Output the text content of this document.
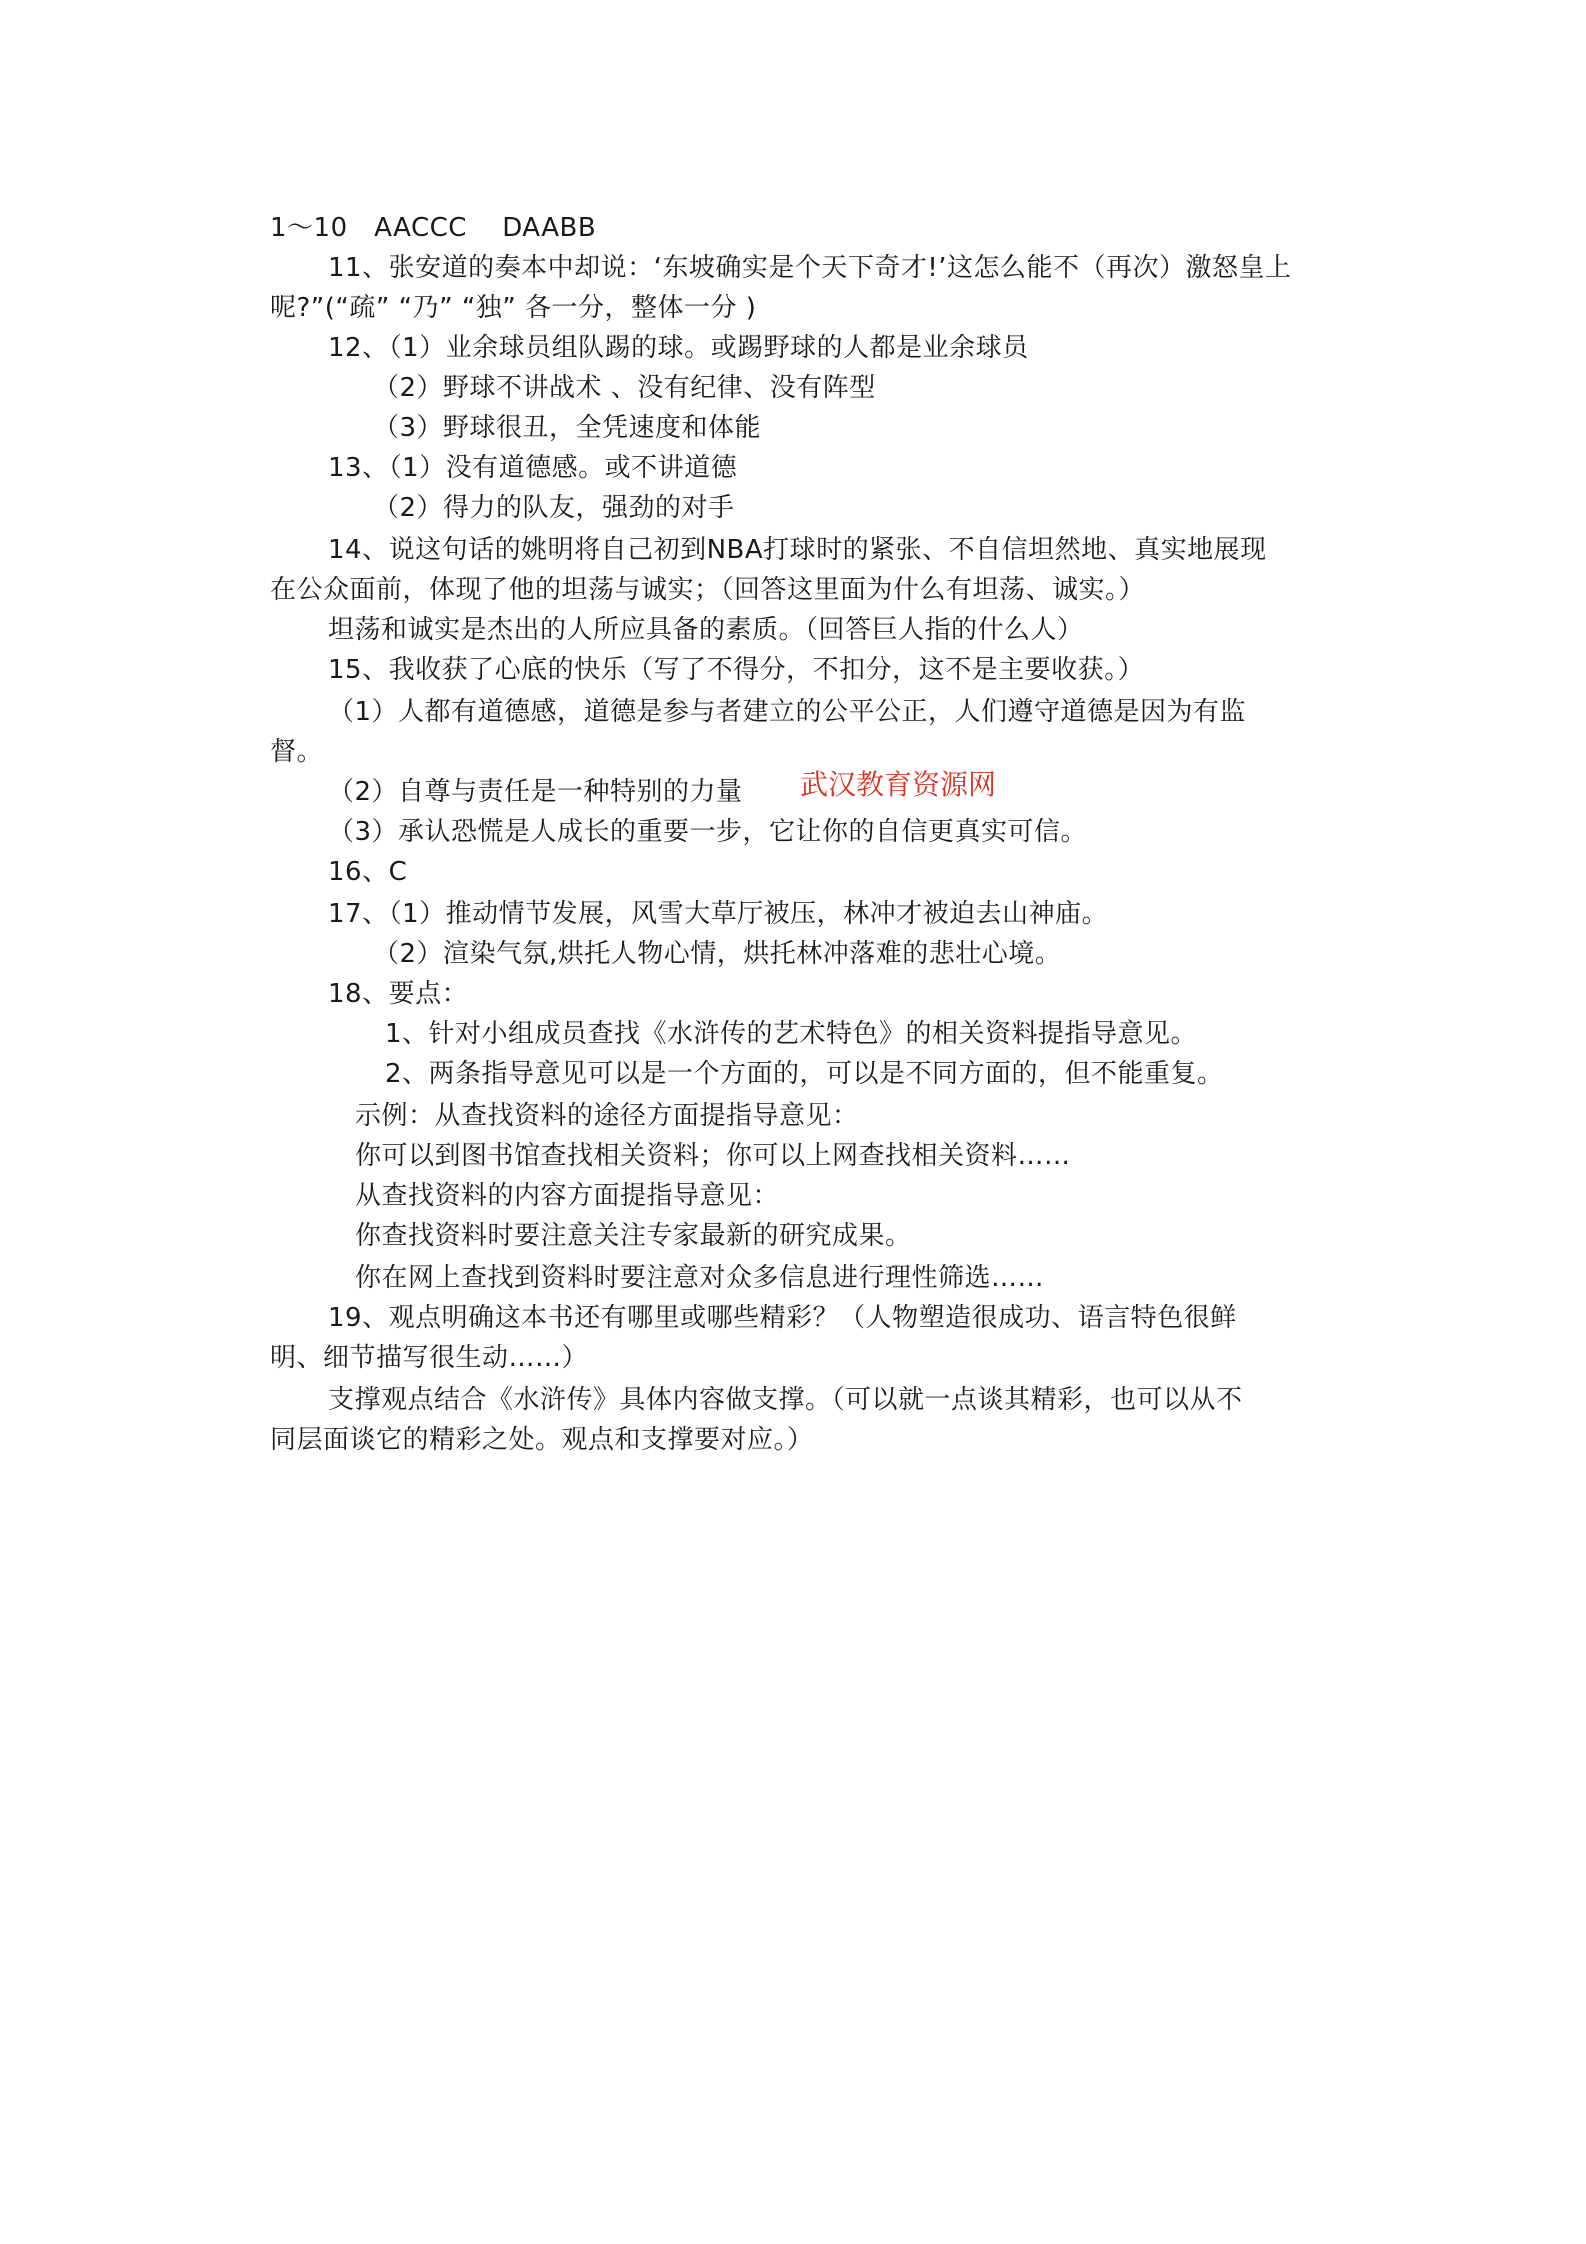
1～10　AACCC　 DAABB
11、张安道的奏本中却说：‘东坡确实是个天下奇才!’这怎么能不（再次）激怒皇上
呢?”(“疏” “乃” “独” 各一分，整体一分 )
12、（1）业余球员组队踢的球。或踢野球的人都是业余球员
（2）野球不讲战术 、没有纪律、没有阵型
（3）野球很丑，全凭速度和体能
13、（1）没有道德感。或不讲道德
（2）得力的队友，强劲的对手
14、说这句话的姚明将自己初到NBA打球时的紧张、不自信坦然地、真实地展现
在公众面前，体现了他的坦荡与诚实；（回答这里面为什么有坦荡、诚实。）
坦荡和诚实是杰出的人所应具备的素质。（回答巨人指的什么人）
15、我收获了心底的快乐（写了不得分，不扣分，这不是主要收获。）
（1）人都有道德感，道德是参与者建立的公平公正，人们遵守道德是因为有监
督。
（2）自尊与责任是一种特别的力量 武汉教育资源网
（3）承认恐慌是人成长的重要一步，它让你的自信更真实可信。
16、C
17、（1）推动情节发展，风雪大草厅被压，林冲才被迫去山神庙。
（2）渲染气氛,烘托人物心情，烘托林冲落难的悲壮心境。
18、要点：
1、针对小组成员查找《水浒传的艺术特色》的相关资料提指导意见。
2、两条指导意见可以是一个方面的，可以是不同方面的，但不能重复。
示例：从查找资料的途径方面提指导意见：
你可以到图书馆查找相关资料；你可以上网查找相关资料……
从查找资料的内容方面提指导意见：
你查找资料时要注意关注专家最新的研究成果。
你在网上查找到资料时要注意对众多信息进行理性筛选……
19、观点明确这本书还有哪里或哪些精彩？（人物塑造很成功、语言特色很鲜
明、细节描写很生动……）
支撑观点结合《水浒传》具体内容做支撑。（可以就一点谈其精彩，也可以从不
同层面谈它的精彩之处。观点和支撑要对应。）
